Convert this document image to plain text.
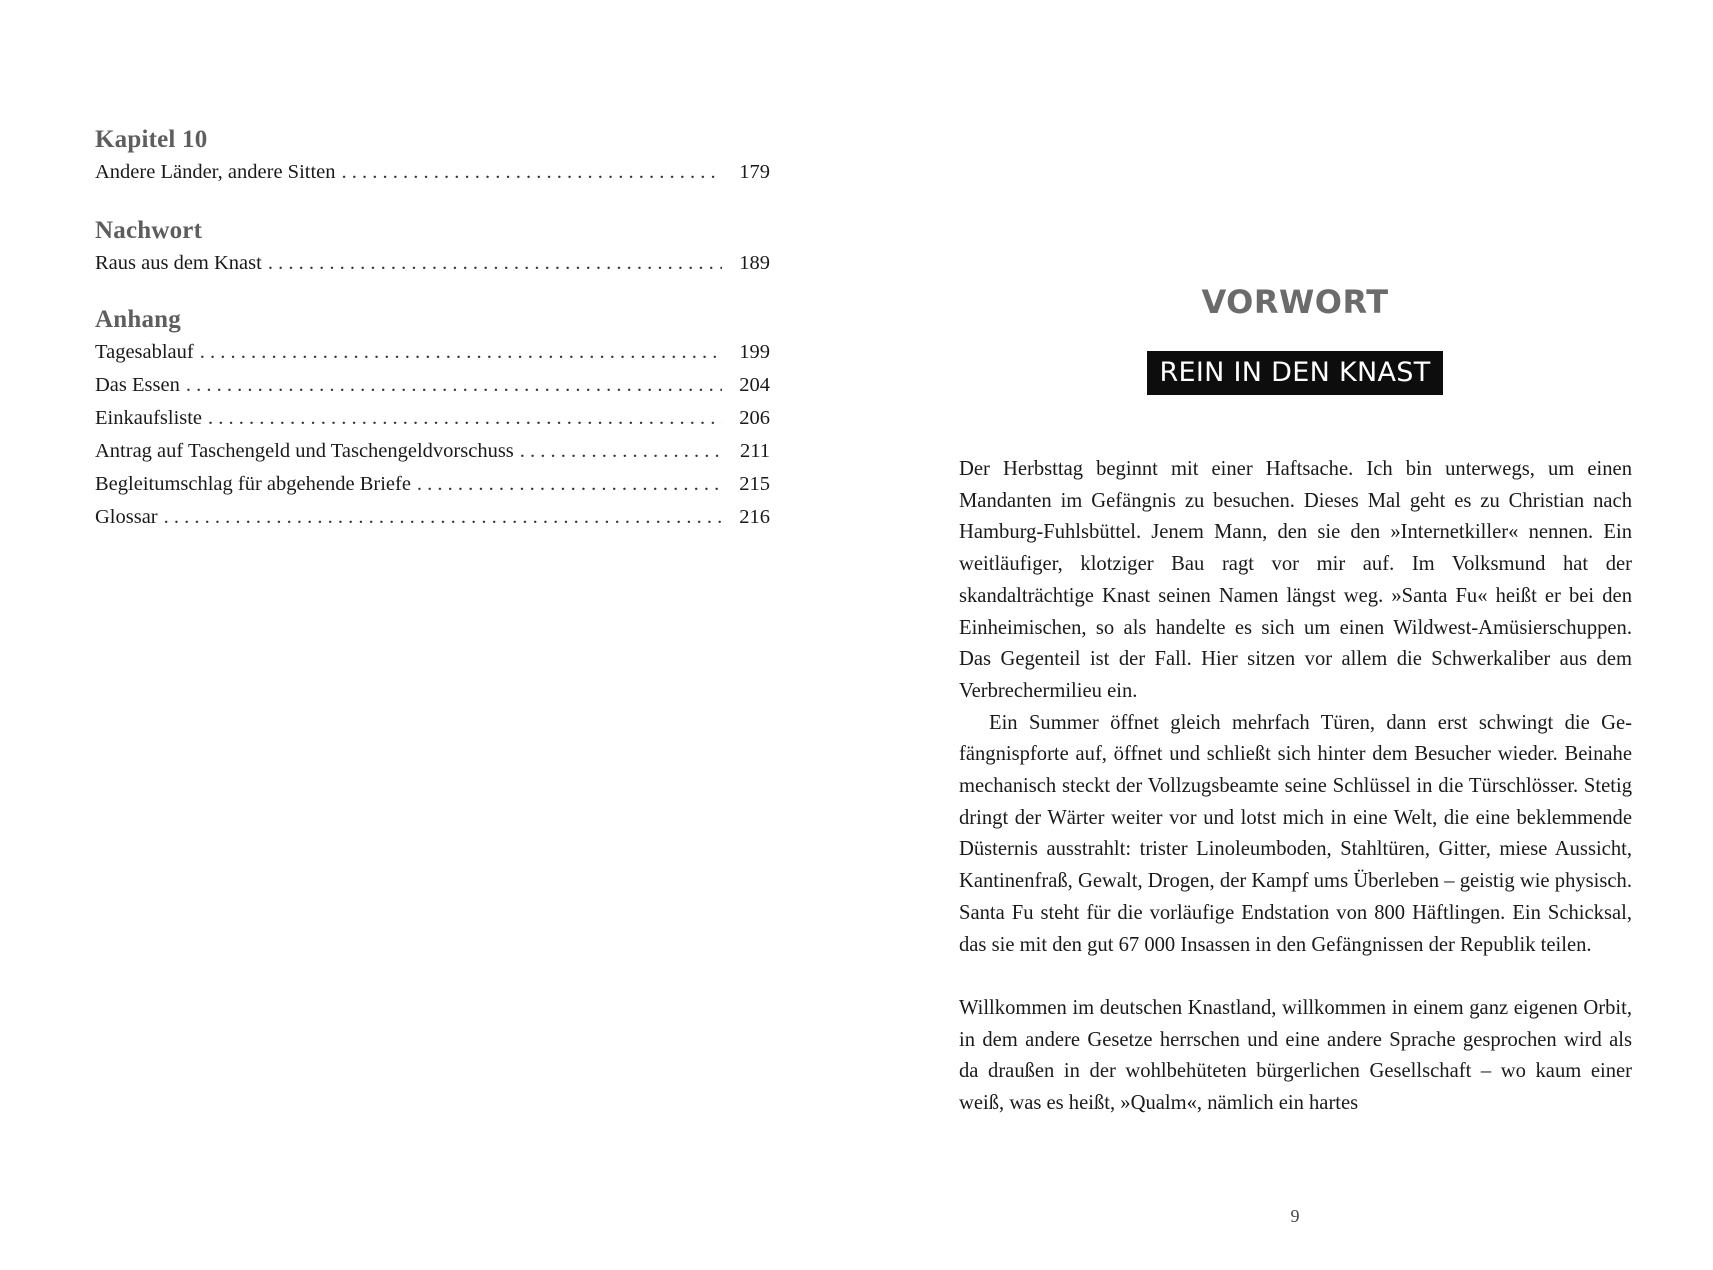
Kapitel 10
Andere Länder, andere Sitten . . .	179
Nachwort
Raus aus dem Knast . . .	189
Anhang
Tagesablauf . . .	199
Das Essen . . .	204
Einkaufsliste . . .	206
Antrag auf Taschengeld und Taschengeldvorschuss . . .	211
Begleitumschlag für abgehende Briefe . . .	215
Glossar . . .	216
VORWORT
REIN IN DEN KNAST

Der Herbsttag beginnt mit einer Haftsache. Ich bin unterwegs, um einen Mandanten im Gefängnis zu besuchen. Dieses Mal geht es zu Christian nach Hamburg-Fuhlsbüttel. Jenem Mann, den sie den »Internetkiller« nennen. Ein weitläufiger, klotziger Bau ragt vor mir auf. Im Volksmund hat der skandalträchtige Knast seinen Namen längst weg. »Santa Fu« heißt er bei den Einheimischen, so als handelte es sich um einen Wildwest-Amüsierschuppen. Das Gegenteil ist der Fall. Hier sitzen vor allem die Schwerkaliber aus dem Verbrechermilieu ein.

Ein Summer öffnet gleich mehrfach Türen, dann erst schwingt die Gefängnispforte auf, öffnet und schließt sich hinter dem Besucher wieder. Beinahe mechanisch steckt der Vollzugsbeamte seine Schlüssel in die Türschlösser. Stetig dringt der Wärter weiter vor und lotst mich in eine Welt, die eine beklemmende Düsternis ausstrahlt: trister Linoleumboden, Stahltüren, Gitter, miese Aussicht, Kantinenfraß, Gewalt, Drogen, der Kampf ums Überleben – geistig wie physisch. Santa Fu steht für die vorläufige Endstation von 800 Häftlingen. Ein Schicksal, das sie mit den gut 67 000 Insassen in den Gefängnissen der Republik teilen.

Willkommen im deutschen Knastland, willkommen in einem ganz eigenen Orbit, in dem andere Gesetze herrschen und eine andere Sprache gesprochen wird als da draußen in der wohlbehüteten bürgerlichen Gesellschaft – wo kaum einer weiß, was es heißt, »Qualm«, nämlich ein hartes

9
